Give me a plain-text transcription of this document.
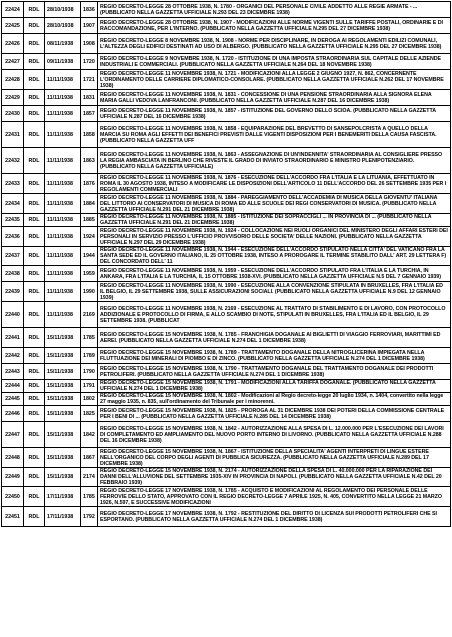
22424	RDL	28/10/1938	1836	REGIO DECRETO-LEGGE 28 OTTOBRE 1938, N. 1780 - ORGANICI DEL PERSONALE CIVILE ADDETTO ALLE REGIE ARMATE - ... (PUBBLICATO NELLA GAZZETTA UFFICIALE N.293 DEL 23 DICEMBRE 1938)
22425	RDL	28/10/1938	1907	REGIO DECRETO-LEGGE 28 OTTOBRE 1938, N. 1907 - MODIFICAZIONI ALLE NORME VIGENTI SULLE TARIFFE POSTALI, ORDINARIE E DI RACCOMANDAZIONE, PER L'INTERNO. (PUBBLICATO NELLA GAZZETTA UFFICIALE N.295 DEL 27 DICEMBRE 1938)
22426	RDL	08/11/1938	1908	REGIO DECRETO-LEGGE 8 NOVEMBRE 1938, N. 1908 - NORME PER DISCIPLINARE, IN DEROGA AI REGOLAMENTI EDILIZI COMUNALI, L'ALTEZZA DEGLI EDIFICI DESTINATI AD USO DI ALBERGO. (PUBBLICATO NELLA GAZZETTA UFFICIALE N.295 DEL 27 DICEMBRE 1938)
22427	RDL	09/11/1938	1720	REGIO DECRETO-LEGGE 9 NOVEMBRE 1938, N. 1720 - ISTITUZIONE DI UNA IMPOSTA STRAORDINARIA SUL CAPITALE DELLE AZIENDE INDUSTRIALI E COMMERCIALI. (PUBBLICATO NELLA GAZZETTA UFFICIALE N.264 DEL 18 NOVEMBRE 1938)
22428	RDL	11/11/1938	1721	REGIO DECRETO-LEGGE 11 NOVEMBRE 1938, N. 1721 - MODIFICAZIONI ALLA LEGGE 2 GIUGNO 1927, N. 862, CONCERNENTE L'ORDINAMENTO DELLE CARRIERE DIPLOMATICO-CONSOLARE. (PUBBLICATO NELLA GAZZETTA UFFICIALE N.262 DEL 17 NOVEMBRE 1938)
22429	RDL	11/11/1938	1831	REGIO DECRETO-LEGGE 11 NOVEMBRE 1938, N. 1831 - CONCESSIONE DI UNA PENSIONE STRAORDINARIA ALLA SIGNORA ELENA MARIA GALLI VEDOVA LANFRANCONI. (PUBBLICATO NELLA GAZZETTA UFFICIALE N.287 DEL 16 DICEMBRE 1938)
22430	RDL	11/11/1938	1857	REGIO DECRETO-LEGGE 11 NOVEMBRE 1938, N. 1857 - ISTITUZIONE DEL GOVERNO DELLO SCIOA. (PUBBLICATO NELLA GAZZETTA UFFICIALE N.287 DEL 16 DICEMBRE 1938)
22431	RDL	11/11/1938	1858	REGIO DECRETO-LEGGE 11 NOVEMBRE 1938, N. 1858 - EQUIPARAZIONE DEL BREVETTO DI SANSEPOLCRISTA A QUELLO DELLA MARCIA SU ROMA AGLI EFFETTI DEI BENEFICI PREVISTI DALLE VIGENTI DISPOSIZIONI PER I BENEMERITI DELLA CAUSA FASCISTA. (PUBBLICATO NELLA GAZZETTA UFF
22432	RDL	11/11/1938	1863	REGIO DECRETO-LEGGE 11 NOVEMBRE 1938, N. 1863 - ASSEGNAZIONE DI UN'INDENNITA' STRAORDINARIA AL CONSIGLIERE PRESSO LA REGIA AMBASCIATA IN BERLINO CHE RIVESTE IL GRADO DI INVIATO STRAORDINARIO E MINISTRO PLENIPOTENZIARIO. (PUBBLICATO NELLA GAZZETTA UFFICIALE)
22433	RDL	11/11/1938	1876	REGIO DECRETO-LEGGE 11 NOVEMBRE 1938, N. 1876 - ESECUZIONE DELL'ACCORDO FRA L'ITALIA E LA LITUANIA, EFFETTUATO IN ROMA IL 30 AGOSTO 1938, INTESO A MODIFICARE LE DISPOSIZIONI DELL'ARTICOLO 11 DELL'ACCORDO DEL 26 SETTEMBRE 1935 PER I REGOLAMENTI COMMERCIALI
22434	RDL	11/11/1938	1884	REGIO DECRETO-LEGGE 11 NOVEMBRE 1938, N. 1884 - PAREGGIAMENTO DELL'ACCADEMIA DI MUSICA DELLA GIOVENTU' ITALIANA DEL LITTORIO AI CONSERVATORI DI MUSICA DI ROMA ED ALLE SCUOLE DEI REGI CONSERVATORI DI MUSICA. (PUBBLICATO NELLA GAZZETTA UFFICIALE N.291 DEL 21 DICEMBRE 1938)
22435	RDL	11/11/1938	1885	REGIO DECRETO-LEGGE 11 NOVEMBRE 1938, N. 1885 - ISTITUZIONE DEI SOPRACCIGLI ... IN PROVINCIA DI ... (PUBBLICATO NELLA GAZZETTA UFFICIALE N.291 DEL 21 DICEMBRE 1938)
22436	RDL	11/11/1938	1924	REGIO DECRETO-LEGGE 11 NOVEMBRE 1938, N. 1924 - COLLOCAZIONE NEI RUOLI ORGANICI DEL MINISTERO DEGLI AFFARI ESTERI DEI PERSONALI IN SERVIZIO PRESSO L'UFFICIO PROVVISORIO DELLE SOCIETA' DELLE NAZIONI. (PUBBLICATO NELLA GAZZETTA UFFICIALE N.297 DEL 29 DICEMBRE 1938)
22437	RDL	11/11/1938	1944	REGIO DECRETO-LEGGE 11 NOVEMBRE 1938, N. 1944 - ESECUZIONE DELL'ACCORDO STIPULATO NELLA CITTA' DEL VATICANO FRA LA SANTA SEDE ED IL GOVERNO ITALIANO, IL 25 OTTOBRE 1938, INTESO A PROROGARE IL TERMINE STABILITO DALL' ART. 29 LETTERA F) DEL CONCORDATO DELL' 11
22438	RDL	11/11/1938	1959	REGIO DECRETO-LEGGE 11 NOVEMBRE 1938, N. 1959 - ESECUZIONE DELL'ACCORDO STIPULATO FRA L'ITALIA E LA TURCHIA, IN ANKARA, FRA L'ITALIA E LA TURCHIA, IL 15 OTTOBRE 1938-XVI. (PUBBLICATO NELLA GAZZETTA UFFICIALE N.5 DEL 7 GENNAIO 1939)
22439	RDL	11/11/1938	1990	REGIO DECRETO-LEGGE 11 NOVEMBRE 1938, N. 1990 - ESECUZIONE ALLA CONVENZIONE STIPULATA IN BRUXELLES, FRA L'ITALIA ED IL BELGIO, IL 29 SETTEMBRE 1938, SULLE ASSICURAZIONI SOCIALI. (PUBBLICATO NELLA GAZZETTA UFFICIALE N.9 DEL 12 GENNAIO 1939)
22440	RDL	11/11/1938	2169	REGIO DECRETO-LEGGE 11 NOVEMBRE 1938, N. 2169 - ESECUZIONE AL TRATTATO DI STABILIMENTO E DI LAVORO, CON PROTOCOLLO ADDIZIONALE E PROTOCOLLO DI FIRMA, E ALLO SCAMBIO DI NOTE, STIPULATI IN BRUXELLES, FRA L'ITALIA ED IL BELGIO, IL 29 SETTEMBRE 1938. (PUBBLICAT
22441	RDL	15/11/1938	1785	REGIO DECRETO-LEGGE 15 NOVEMBRE 1938, N. 1785 - FRANCHIGIA DOGANALE AI BIGLIETTI DI VIAGGIO FERROVIARI, MARITTIMI ED AEREI. (PUBBLICATO NELLA GAZZETTA UFFICIALE N.274 DEL 1 DICEMBRE 1938)
22442	RDL	15/11/1938	1789	REGIO DECRETO-LEGGE 15 NOVEMBRE 1938, N. 1789 - TRATTAMENTO DOGANALE DELLA NITROGLICERINA IMPIEGATA NELLA FLUTTUAZIONE DEI MINERALI DI PIOMBO E DI ZINCO. (PUBBLICATO NELLA GAZZETTA UFFICIALE N.274 DEL 1 DICEMBRE 1938)
22443	RDL	15/11/1938	1790	REGIO DECRETO-LEGGE 15 NOVEMBRE 1938, N. 1790 - TRATTAMENTO DOGANALE DEL TRATTAMENTO DOGANALE DEI PRODOTTI PETROLIFERI. (PUBBLICATO NELLA GAZZETTA UFFICIALE N.274 DEL 1 DICEMBRE 1938)
22444	RDL	15/11/1938	1791	REGIO DECRETO-LEGGE 15 NOVEMBRE 1938, N. 1791 - MODIFICAZIONI ALLA TARIFFA DOGANALE. (PUBBLICATO NELLA GAZZETTA UFFICIALE N.274 DEL 1 DICEMBRE 1938)
22445	RDL	15/11/1938	1802	REGIO DECRETO-LEGGE 15 NOVEMBRE 1938, N. 1802 - Modificazioni al Regio decreto-legge 20 luglio 1934, n. 1404, convertito nella legge 27 maggio 1935, n. 835, sull'ordinamento del Tribunale per i minorenni.
22446	RDL	15/11/1938	1825	REGIO DECRETO-LEGGE 15 NOVEMBRE 1938, N. 1825 - PROROGA AL 31 DICEMBRE 1938 DEI POTERI DELLA COMMISSIONE CENTRALE PER I BENI DI ... (PUBBLICATO NELLA GAZZETTA UFFICIALE N.285 DEL 14 DICEMBRE 1938)
22447	RDL	15/11/1938	1842	REGIO DECRETO-LEGGE 15 NOVEMBRE 1938, N. 1842 - AUTORIZZAZIONE ALLA SPESA DI L. 12.000.000 PER L'ESECUZIONE DEI LAVORI DI COMPLETAMENTO ED AMPLIAMENTO DEL NUOVO PORTO INTERNO DI LIVORNO. (PUBBLICATO NELLA GAZZETTA UFFICIALE N.288 DEL 16 DICEMBRE 1938)
22448	RDL	15/11/1938	1867	REGIO DECRETO-LEGGE 15 NOVEMBRE 1938, N. 1867 - ISTITUZIONE DELLA SPECIALITA' AGENTI INTERPRETI DI LINGUE ESTERE NELL'ORGANICO DEL CORPO DEGLI AGENTI DI PUBBLICA SICUREZZA. (PUBBLICATO NELLA GAZZETTA UFFICIALE N.289 DEL 17 DICEMBRE 1938)
22449	RDL	15/11/1938	2174	REGIO DECRETO-LEGGE 15 NOVEMBRE 1938, N. 2174 - AUTORIZZAZIONE DELLA SPESA DI L. 40.000.000 PER LA RIPARAZIONE DEI DANNI DELL'ALLUVIONE DEL SETTEMBRE 1935-XIV IN PROVINCIA DI NAPOLI. (PUBBLICATO NELLA GAZZETTA UFFICIALE N.42 DEL 20 FEBBRAIO 1939)
22450	RDL	17/11/1938	1785	REGIO DECRETO-LEGGE 17 NOVEMBRE 1938, N. 1785 - ACQUISTO E MODIFICAZIONI AL REGOLAMENTO DEI PERSONALE DELLE FERROVIE DELLO STATO, APPROVATO CON IL REGIO DECRETO-LEGGE 7 APRILE 1925, N. 405, CONVERTITO NELLA LEGGE 21 MARZO 1926, N.597, E SUCCESSIVE MODIFICAZIONI
22451	RDL	17/11/1938	1792	REGIO DECRETO-LEGGE 17 NOVEMBRE 1938, N. 1792 - RESTITUZIONE DEL DIRITTO DI LICENZA SUI PRODOTTI PETROLIFERI CHE SI ESPORTANO. (PUBBLICATO NELLA GAZZETTA UFFICIALE N.274 DEL 1 DICEMBRE 1938)
